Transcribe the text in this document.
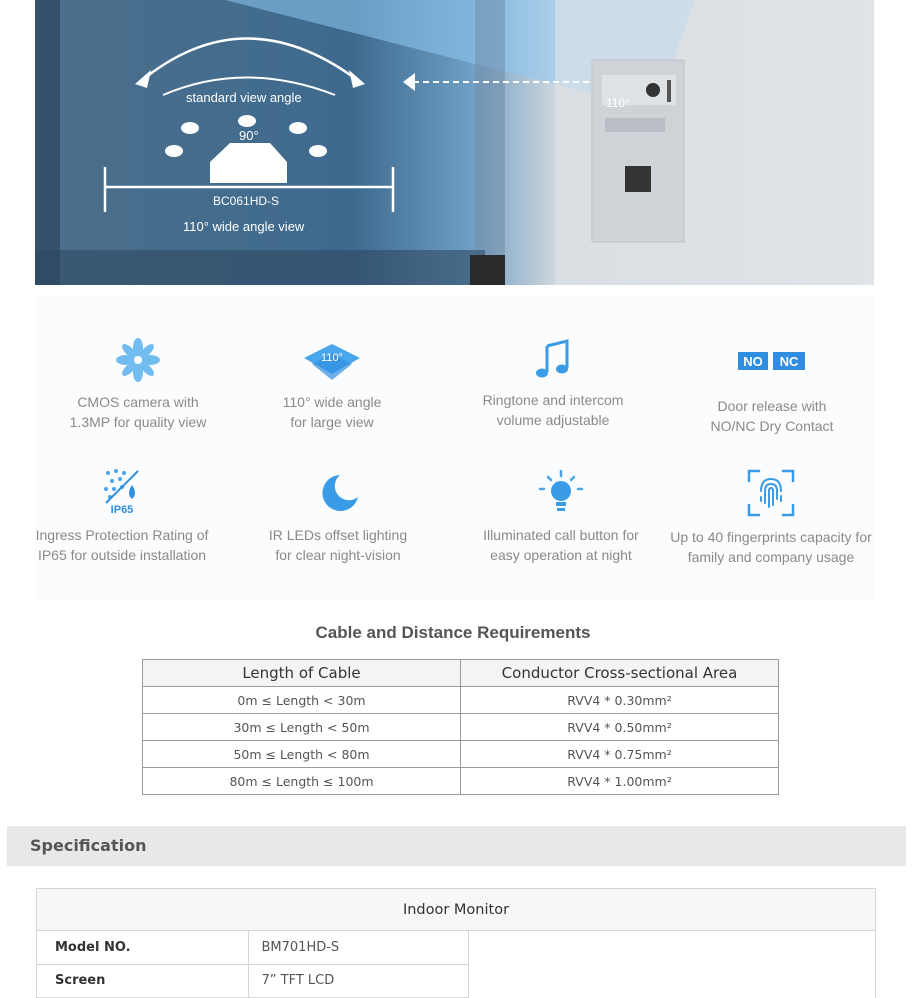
standard view angle
90°
BC061HD-S
110° wide angle view
110°
CMOS camera with
1.3MP for quality view
110°
110° wide angle
for large view
Ringtone and intercom
volume adjustable
NO NC
Door release with
NO/NC Dry Contact
IP65
Ingress Protection Rating of
IP65 for outside installation
IR LEDs offset lighting
for clear night-vision
Illuminated call button for
easy operation at night
Up to 40 fingerprints capacity for
family and company usage
Cable and Distance Requirements
Length of Cable	Conductor Cross-sectional Area
0m ≤ Length < 30m	RVV4 * 0.30mm²
30m ≤ Length < 50m	RVV4 * 0.50mm²
50m ≤ Length < 80m	RVV4 * 0.75mm²
80m ≤ Length ≤ 100m	RVV4 * 1.00mm²
Specification
Indoor Monitor
Model NO.	BM701HD-S
Screen	7” TFT LCD
